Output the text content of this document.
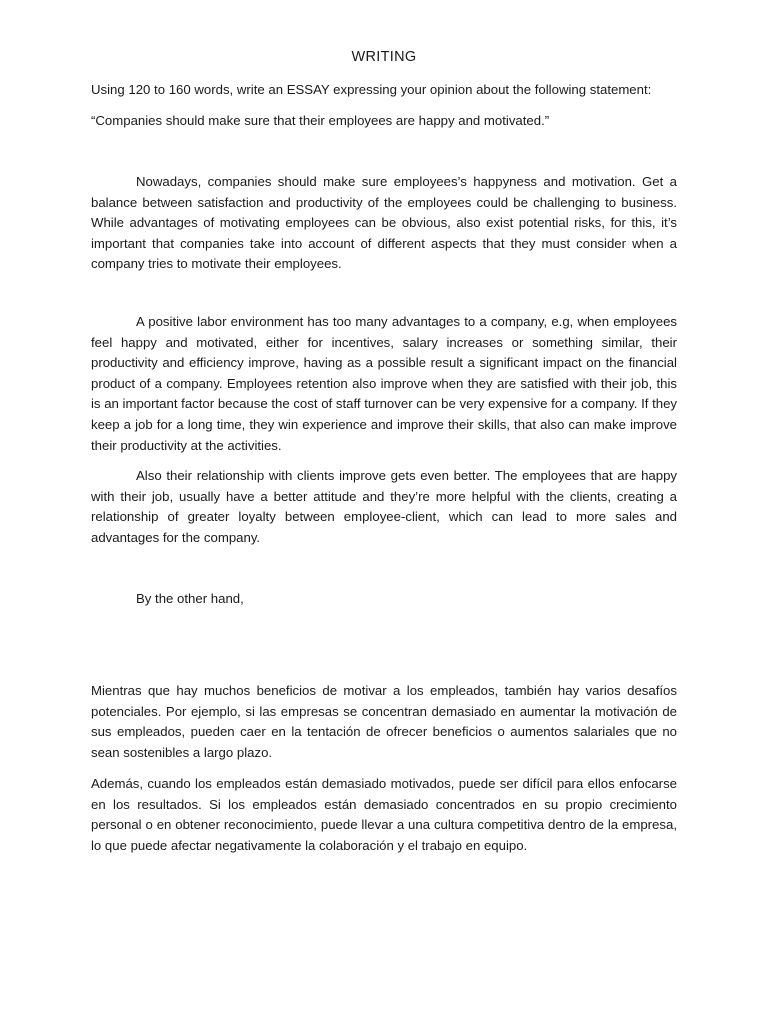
WRITING
Using 120 to 160 words, write an ESSAY expressing your opinion about the following statement:
“Companies should make sure that their employees are happy and motivated.”

Nowadays, companies should make sure employees’s happyness and motivation. Get a balance between satisfaction and productivity of the employees could be challenging to business. While advantages of motivating employees can be obvious, also exist potential risks, for this, it’s important that companies take into account of different aspects that they must consider when a company tries to motivate their employees.

A positive labor environment has too many advantages to a company, e.g, when employees feel happy and motivated, either for incentives, salary increases or something similar, their productivity and efficiency improve, having as a possible result a significant impact on the financial product of a company. Employees retention also improve when they are satisfied with their job, this is an important factor because the cost of staff turnover can be very expensive for a company. If they keep a job for a long time, they win experience and improve their skills, that also can make improve their productivity at the activities.

Also their relationship with clients improve gets even better. The employees that are happy with their job, usually have a better attitude and they’re more helpful with the clients, creating a relationship of greater loyalty between employee-client, which can lead to more sales and advantages for the company.

By the other hand,

Mientras que hay muchos beneficios de motivar a los empleados, también hay varios desafíos potenciales. Por ejemplo, si las empresas se concentran demasiado en aumentar la motivación de sus empleados, pueden caer en la tentación de ofrecer beneficios o aumentos salariales que no sean sostenibles a largo plazo.

Además, cuando los empleados están demasiado motivados, puede ser difícil para ellos enfocarse en los resultados. Si los empleados están demasiado concentrados en su propio crecimiento personal o en obtener reconocimiento, puede llevar a una cultura competitiva dentro de la empresa, lo que puede afectar negativamente la colaboración y el trabajo en equipo.
